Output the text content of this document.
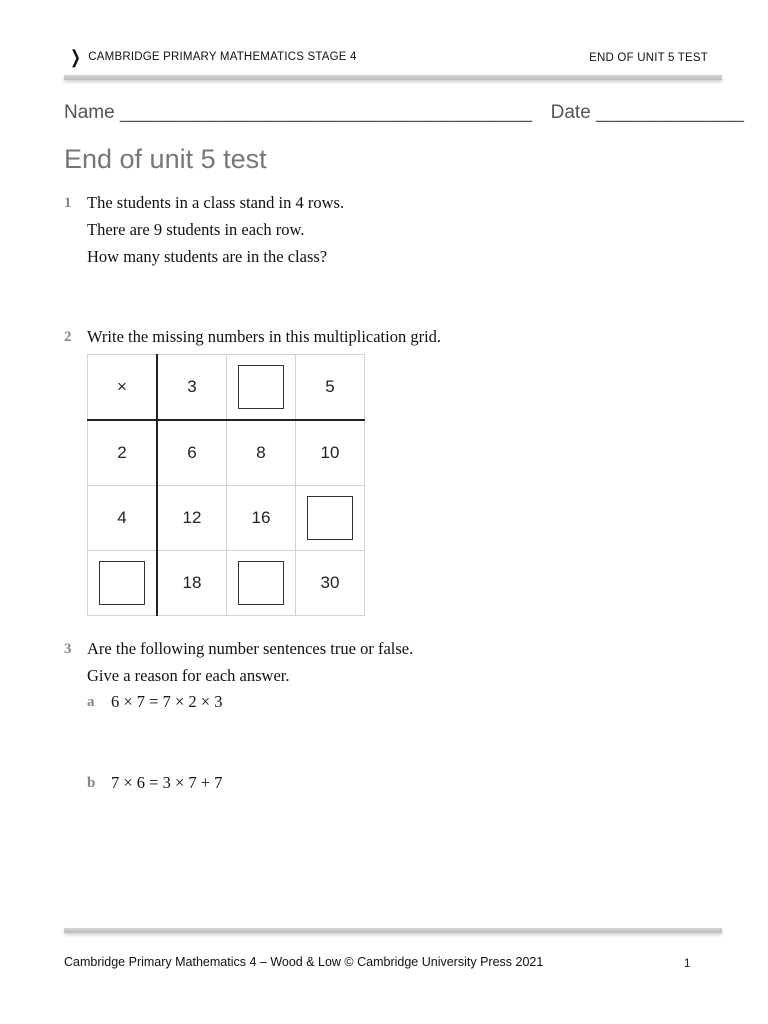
❯ CAMBRIDGE PRIMARY MATHEMATICS STAGE 4	END OF UNIT 5 TEST
Name _______________________________________ Date ______________
End of unit 5 test
1 The students in a class stand in 4 rows.
There are 9 students in each row.
How many students are in the class?
2 Write the missing numbers in this multiplication grid.
×	3		5
2	6	8	10
4	12	16	
	18		30
3 Are the following number sentences true or false.
Give a reason for each answer.
a 6 × 7 = 7 × 2 × 3
b 7 × 6 = 3 × 7 + 7
Cambridge Primary Mathematics 4 – Wood & Low © Cambridge University Press 2021	1
